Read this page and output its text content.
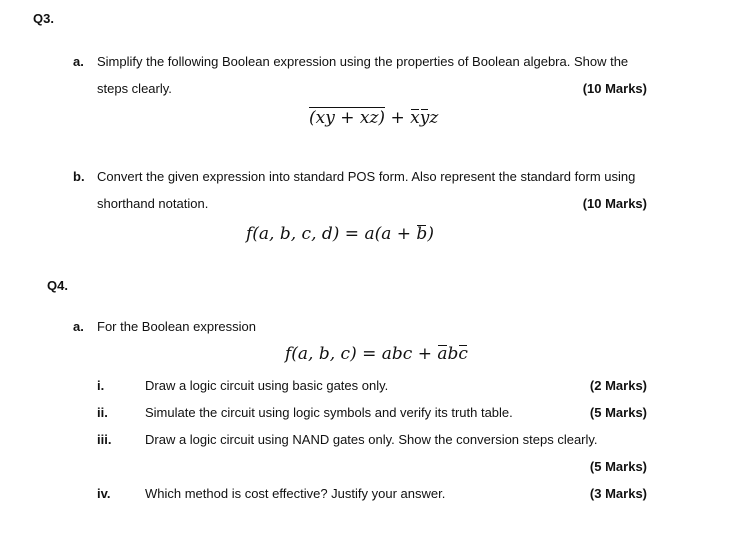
Q3.
a. Simplify the following Boolean expression using the properties of Boolean algebra. Show the
steps clearly.	(10 Marks)
(xy + xz) + xyz
b. Convert the given expression into standard POS form. Also represent the standard form using
shorthand notation.	(10 Marks)
f(a, b, c, d) = a(a + b)
Q4.
a. For the Boolean expression
f(a, b, c) = abc + abc
i.	Draw a logic circuit using basic gates only.	(2 Marks)
ii.	Simulate the circuit using logic symbols and verify its truth table.	(5 Marks)
iii.	Draw a logic circuit using NAND gates only. Show the conversion steps clearly.
(5 Marks)
iv.	Which method is cost effective? Justify your answer.	(3 Marks)
